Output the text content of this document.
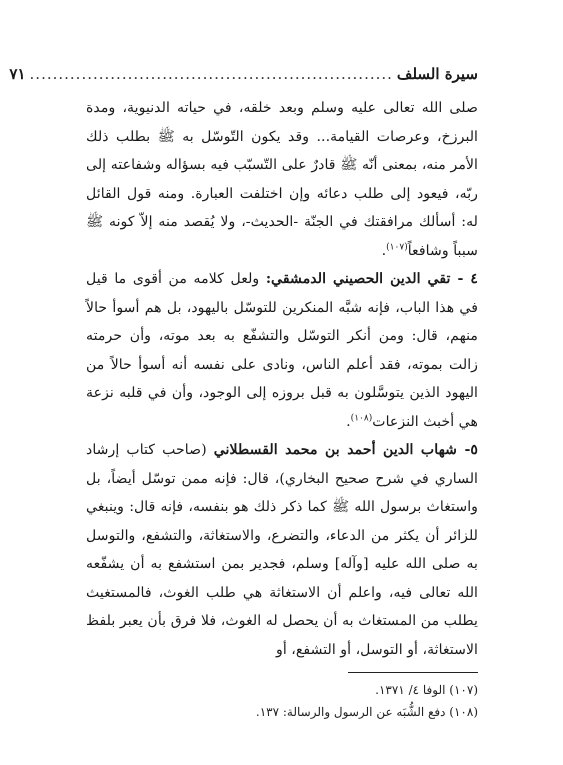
سيرة السلف
...............................................................
٧١

صلى الله تعالى عليه وسلم وبعد خلقه، في حياته الدنيوية، ومدة البرزخ، وعرصات القيامة... وقد يكون التّوسّل به ﷺ بطلب ذلك الأمر منه، بمعنى أنّه ﷺ قادرٌ على التّسبّب فيه بسؤاله وشفاعته إلى ربّه، فيعود إلى طلب دعائه وإن اختلفت العبارة. ومنه قول القائل له: أسألك مرافقتك في الجنّة -الحديث-، ولا يُقصد منه إلاّ كونه ﷺ سبباً وشافعاً$^{(١٠٧)}$.

٤ - تقي الدين الحصيني الدمشقي: ولعل كلامه من أقوى ما قيل في هذا الباب، فإنه شبَّه المنكرين للتوسّل باليهود، بل هم أسوأ حالاً منهم، قال: ومن أنكر التوسّل والتشفّع به بعد موته، وأن حرمته زالت بموته، فقد أعلم الناس، ونادى على نفسه أنه أسوأ حالاً من اليهود الذين يتوسَّلون به قبل بروزه إلى الوجود، وأن في قلبه نزعة هي أخبث النزعات$^{(١٠٨)}$.

٥- شهاب الدين أحمد بن محمد القسطلاني (صاحب كتاب إرشاد الساري في شرح صحيح البخاري)، قال: فإنه ممن توسّل أيضاً، بل واستغاث برسول الله ﷺ كما ذكر ذلك هو بنفسه، فإنه قال: وينبغي للزائر أن يكثر من الدعاء، والتضرع، والاستغاثة، والتشفع، والتوسل به صلى الله عليه [وآله] وسلم، فجدير بمن استشفع به أن يشفّعه الله تعالى فيه، واعلم أن الاستغاثة هي طلب الغوث، فالمستغيث يطلب من المستغاث به أن يحصل له الغوث، فلا فرق بأن يعبر بلفظ الاستغاثة، أو التوسل، أو التشفع، أو

(١٠٧) الوفا ٤/ ١٣٧١.

(١٠٨) دفع الشُّبَه عن الرسول والرسالة: ١٣٧.
